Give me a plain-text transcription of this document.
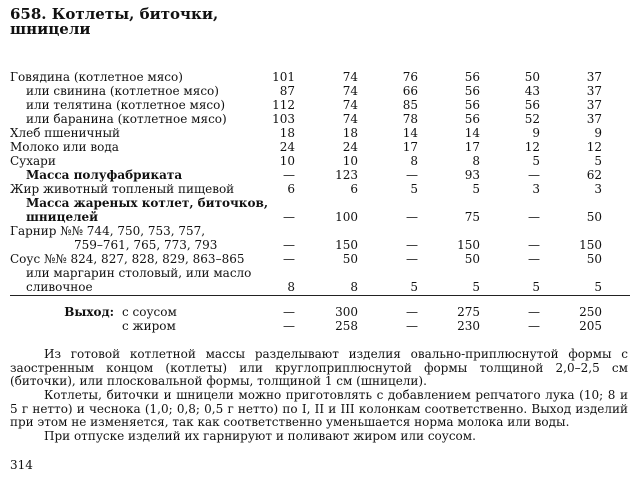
658. Котлеты, биточки,
шницели
Говядина (котлетное мясо)	101	74	76	56	50	37
или свинина (котлетное мясо)	87	74	66	56	43	37
или телятина (котлетное мясо)	112	74	85	56	56	37
или баранина (котлетное мясо)	103	74	78	56	52	37
Хлеб пшеничный	18	18	14	14	9	9
Молоко или вода	24	24	17	17	12	12
Сухари	10	10	8	8	5	5
Масса полуфабриката	—	123	—	93	—	62
Жир животный топленый пищевой	6	6	5	5	3	3
Масса жареных котлет, биточков,
шницелей	—	100	—	75	—	50
Гарнир №№ 744, 750, 753, 757,
759–761, 765, 773, 793	—	150	—	150	—	150
Соус №№ 824, 827, 828, 829, 863–865	—	50	—	50	—	50
или маргарин столовый, или масло
сливочное	8	8	5	5	5	5
Выход: с соусом	—	300	—	275	—	250
с жиром	—	258	—	230	—	205
Из готовой котлетной массы разделывают изделия овально-приплюснутой формы с заостренным концом (котлеты) или круглоприплюснутой формы толщиной 2,0–2,5 см (биточки), или плосковальной формы, толщиной 1 см (шницели).
Котлеты, биточки и шницели можно приготовлять с добавлением репчатого лука (10; 8 и 5 г нетто) и чеснока (1,0; 0,8; 0,5 г нетто) по I, II и III колонкам соответственно. Выход изделий при этом не изменяется, так как соответственно уменьшается норма молока или воды.
При отпуске изделий их гарнируют и поливают жиром или соусом.
314
